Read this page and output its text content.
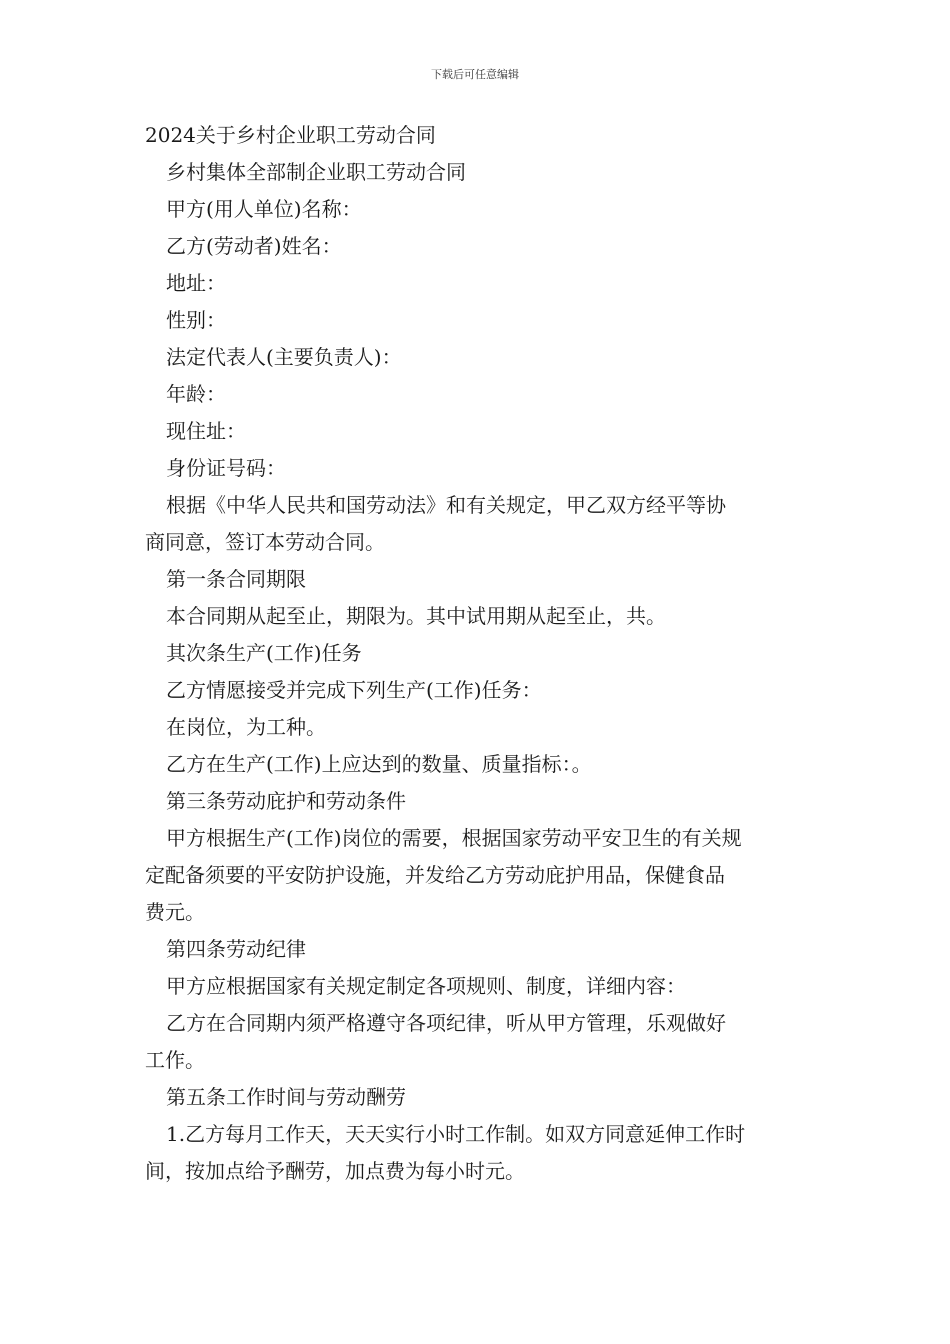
下载后可任意编辑

2024关于乡村企业职工劳动合同

乡村集体全部制企业职工劳动合同

甲方(用人单位)名称：

乙方(劳动者)姓名：

地址：

性别：

法定代表人(主要负责人)：

年龄：

现住址：

身份证号码：

根据《中华人民共和国劳动法》和有关规定，甲乙双方经平等协

商同意，签订本劳动合同。

第一条合同期限

本合同期从起至止，期限为。其中试用期从起至止，共。

其次条生产(工作)任务

乙方情愿接受并完成下列生产(工作)任务：

在岗位，为工种。

乙方在生产(工作)上应达到的数量、质量指标：。

第三条劳动庇护和劳动条件

甲方根据生产(工作)岗位的需要，根据国家劳动平安卫生的有关规

定配备须要的平安防护设施，并发给乙方劳动庇护用品，保健食品

费元。

第四条劳动纪律

甲方应根据国家有关规定制定各项规则、制度，详细内容：

乙方在合同期内须严格遵守各项纪律，听从甲方管理，乐观做好

工作。

第五条工作时间与劳动酬劳

1.乙方每月工作天，天天实行小时工作制。如双方同意延伸工作时

间，按加点给予酬劳，加点费为每小时元。
